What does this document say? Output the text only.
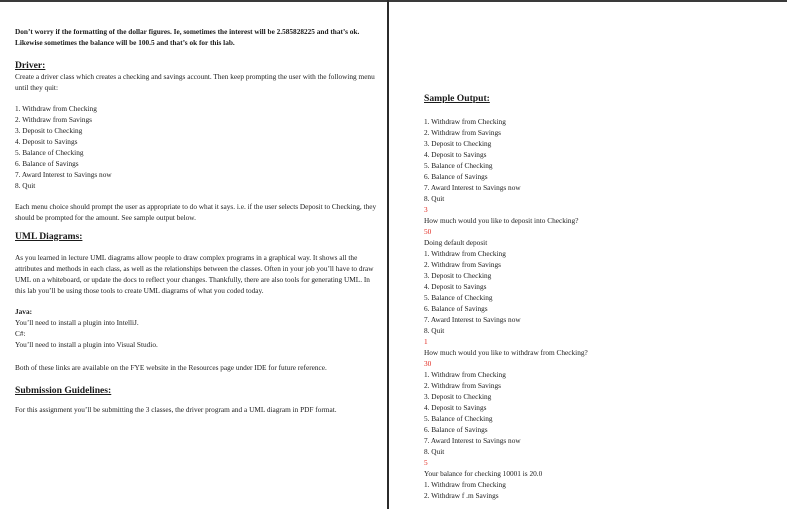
Don’t worry if the formatting of the dollar figures. Ie, sometimes the interest will be 2.585828225 and that’s ok. Likewise sometimes the balance will be 100.5 and that’s ok for this lab.

Driver:

Create a driver class which creates a checking and savings account. Then keep prompting the user with the following menu until they quit:

1. Withdraw from Checking
2. Withdraw from Savings
3. Deposit to Checking
4. Deposit to Savings
5. Balance of Checking
6. Balance of Savings
7. Award Interest to Savings now
8. Quit

Each menu choice should prompt the user as appropriate to do what it says. i.e. if the user selects Deposit to Checking, they should be prompted for the amount. See sample output below.

UML Diagrams:

As you learned in lecture UML diagrams allow people to draw complex programs in a graphical way. It shows all the attributes and methods in each class, as well as the relationships between the classes. Often in your job you’ll have to draw UML on a whiteboard, or update the docs to reflect your changes. Thankfully, there are also tools for generating UML. In this lab you’ll be using those tools to create UML diagrams of what you coded today.

Java:

You’ll need to install a plugin into IntelliJ.

C#:

You’ll need to install a plugin into Visual Studio.

Both of these links are available on the FYE website in the Resources page under IDE for future reference.

Submission Guidelines:

For this assignment you’ll be submitting the 3 classes, the driver program and a UML diagram in PDF format.

Sample Output:

1. Withdraw from Checking
2. Withdraw from Savings
3. Deposit to Checking
4. Deposit to Savings
5. Balance of Checking
6. Balance of Savings
7. Award Interest to Savings now
8. Quit
3

How much would you like to deposit into Checking?

50

Doing default deposit

1. Withdraw from Checking
2. Withdraw from Savings
3. Deposit to Checking
4. Deposit to Savings
5. Balance of Checking
6. Balance of Savings
7. Award Interest to Savings now
8. Quit
1

How much would you like to withdraw from Checking?

30
1. Withdraw from Checking
2. Withdraw from Savings
3. Deposit to Checking
4. Deposit to Savings
5. Balance of Checking
6. Balance of Savings
7. Award Interest to Savings now
8. Quit
5

Your balance for checking 10001 is 20.0

1. Withdraw from Checking

2. Withdraw f .m Savings
